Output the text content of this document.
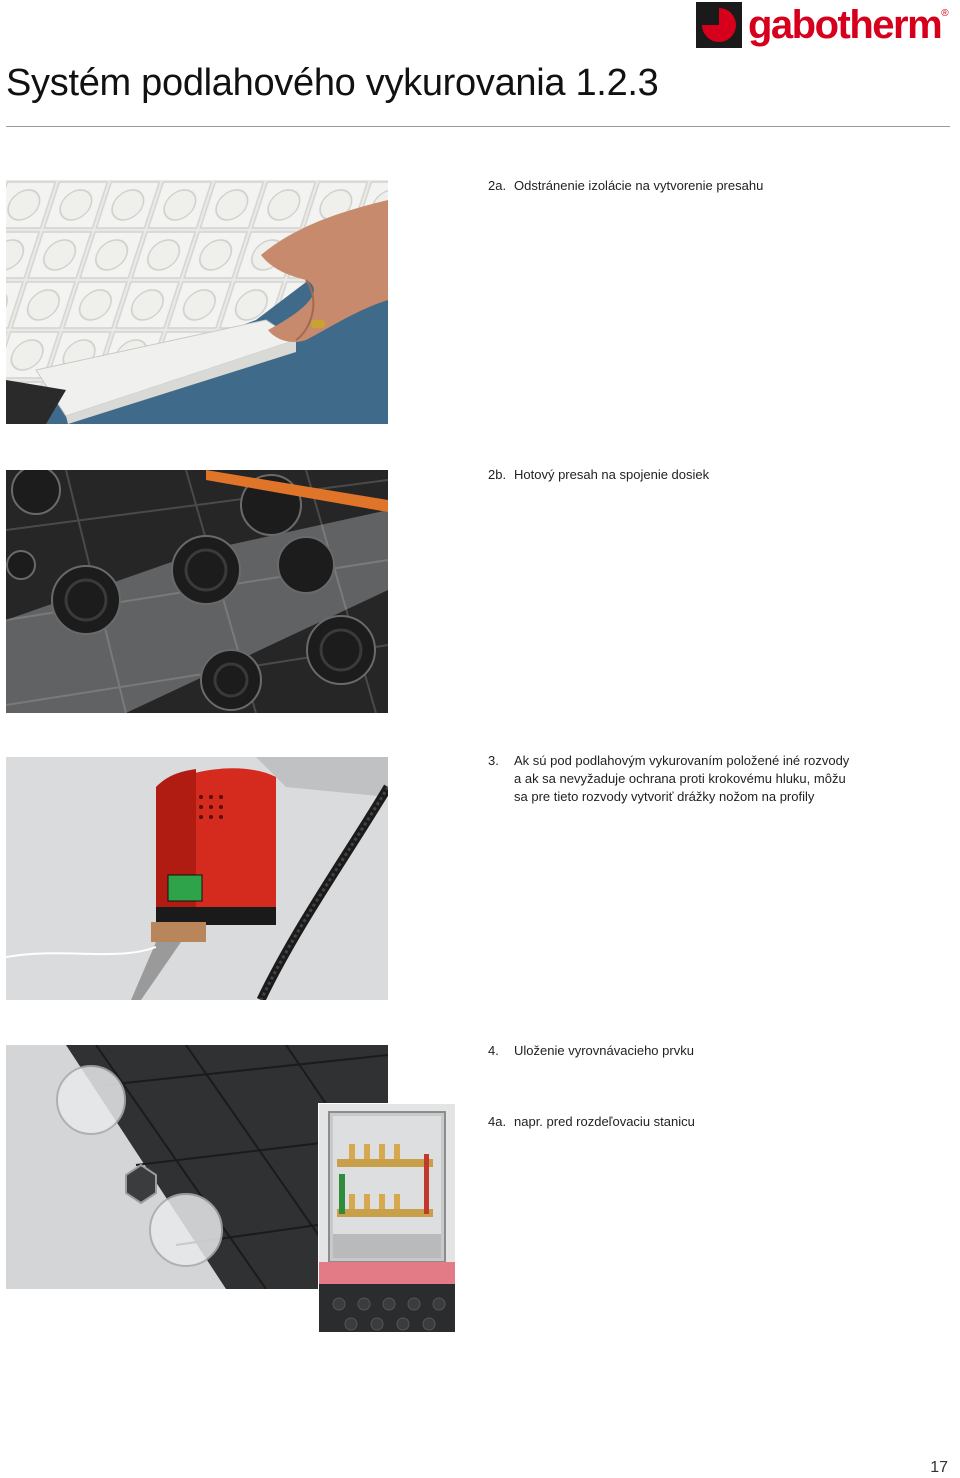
gabotherm ®
Systém podlahového vykurovania 1.2.3
2a. Odstránenie izolácie na vytvorenie presahu
2b. Hotový presah na spojenie dosiek
3.	Ak sú pod podlahovým vykurovaním položené iné rozvody a ak sa nevyžaduje ochrana proti krokovému hluku, môžu sa pre tieto rozvody vytvoriť drážky nožom na profily
4.	Uloženie vyrovnávacieho prvku
4a. napr. pred rozdeľovaciu stanicu
17
